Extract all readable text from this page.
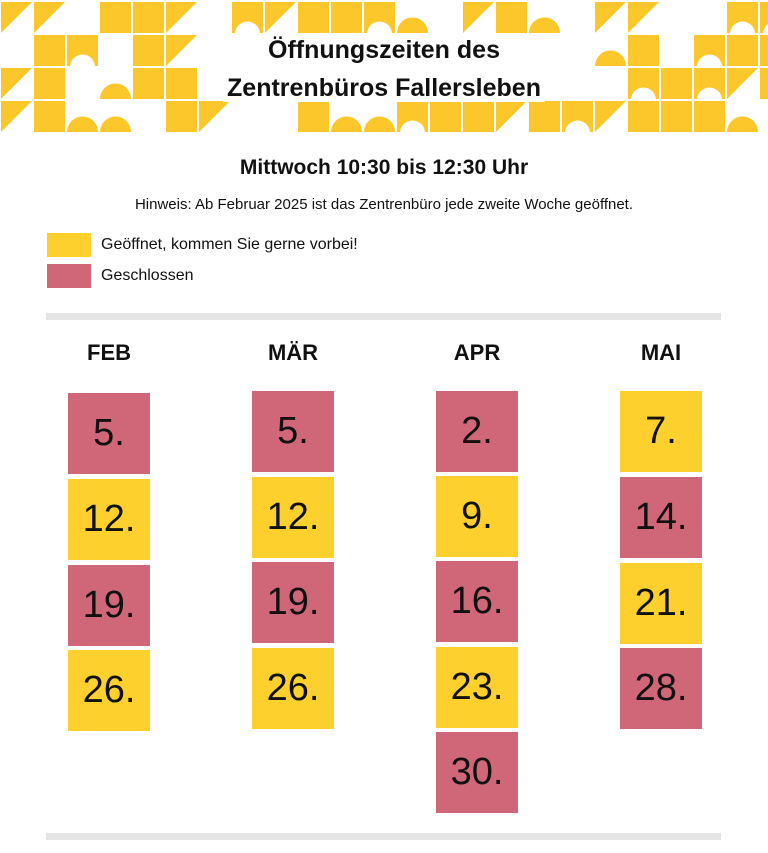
Öffnungszeiten des
Zentrenbüros Fallersleben
Mittwoch 10:30 bis 12:30 Uhr
Hinweis: Ab Februar 2025 ist das Zentrenbüro jede zweite Woche geöffnet.
Geöffnet, kommen Sie gerne vorbei!
Geschlossen
FEB
5.
12.
19.
26.
MÄR
5.
12.
19.
26.
APR
2.
9.
16.
23.
30.
MAI
7.
14.
21.
28.
